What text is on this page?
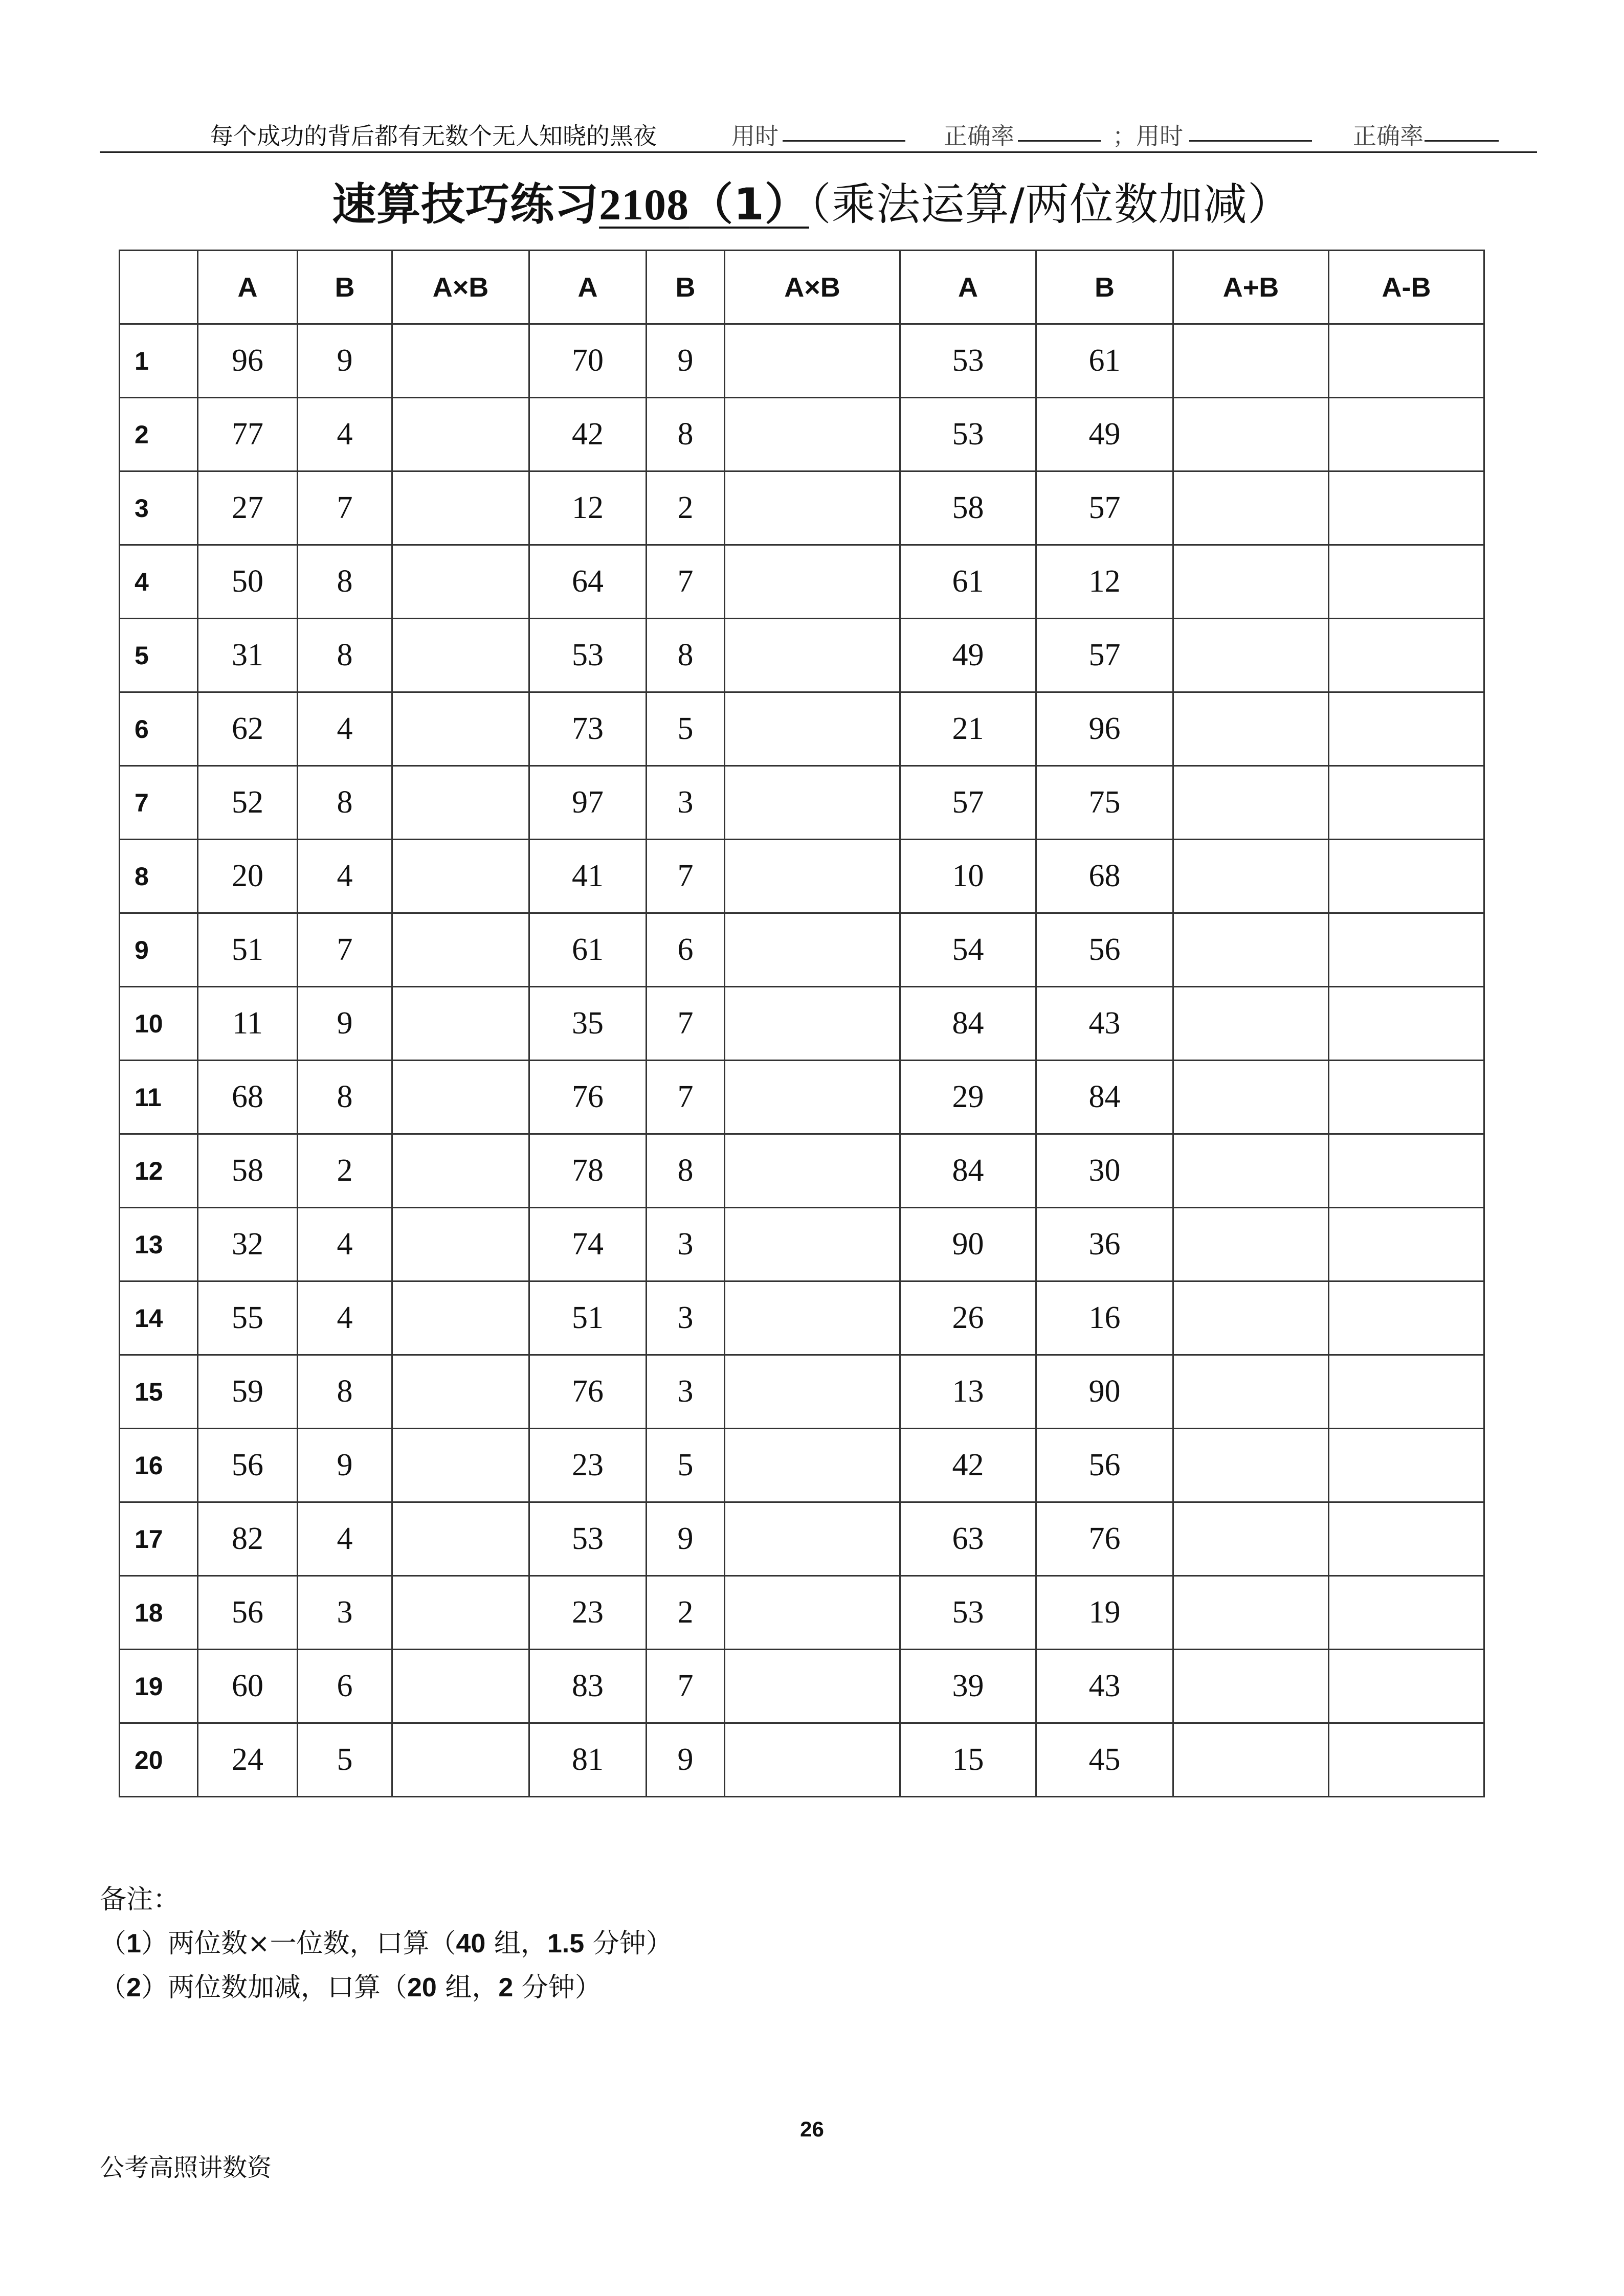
每个成功的背后都有无数个无人知晓的黑夜	用时	正确率	；用时	正确率
速算技巧练习2108（1）（乘法运算/两位数加减）
	A	B	A×B	A	B	A×B	A	B	A+B	A-B
1	96	9		70	9		53	61		
2	77	4		42	8		53	49		
3	27	7		12	2		58	57		
4	50	8		64	7		61	12		
5	31	8		53	8		49	57		
6	62	4		73	5		21	96		
7	52	8		97	3		57	75		
8	20	4		41	7		10	68		
9	51	7		61	6		54	56		
10	11	9		35	7		84	43		
11	68	8		76	7		29	84		
12	58	2		78	8		84	30		
13	32	4		74	3		90	36		
14	55	4		51	3		26	16		
15	59	8		76	3		13	90		
16	56	9		23	5		42	56		
17	82	4		53	9		63	76		
18	56	3		23	2		53	19		
19	60	6		83	7		39	43		
20	24	5		81	9		15	45		
备注：
（1）两位数×一位数，口算（40 组，1.5 分钟）
（2）两位数加减，口算（20 组，2 分钟）
26
公考高照讲数资
